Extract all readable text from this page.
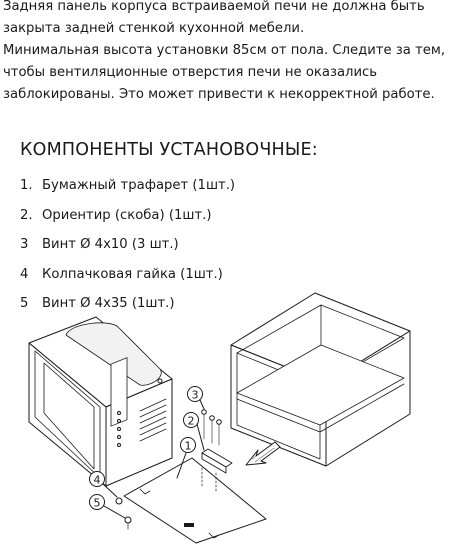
Задняя панель корпуса встраиваемой печи не должна быть закрыта задней стенкой кухонной мебели.
Минимальная высота установки 85см от пола. Следите за тем, чтобы вентиляционные отверстия печи не оказались заблокированы. Это может привести к некорректной работе.
КОМПОНЕНТЫ УСТАНОВОЧНЫЕ:
1. Бумажный трафарет (1шт.)
2. Ориентир (скоба) (1шт.)
3	Винт Ø 4x10 (3 шт.)
4	Колпачковая гайка (1шт.)
5	Винт Ø 4x35 (1шт.)
3
2
1
4
5
